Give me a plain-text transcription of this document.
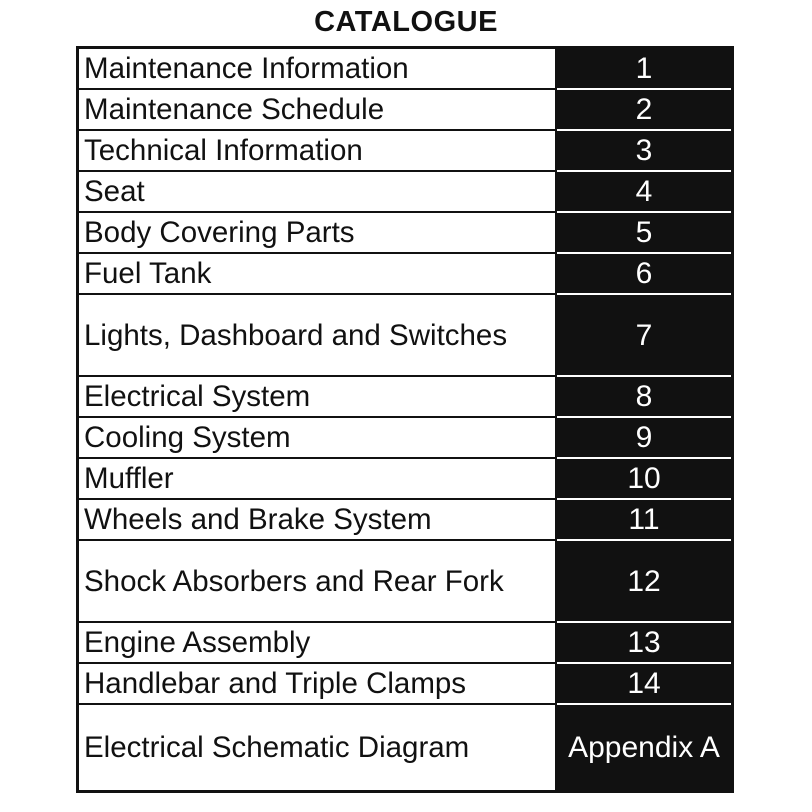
CATALOGUE
Maintenance Information	1
Maintenance Schedule	2
Technical Information	3
Seat	4
Body Covering Parts	5
Fuel Tank	6
Lights, Dashboard and Switches	7
Electrical System	8
Cooling System	9
Muffler	10
Wheels and Brake System	11
Shock Absorbers and Rear Fork	12
Engine Assembly	13
Handlebar and Triple Clamps	14
Electrical Schematic Diagram	Appendix A
